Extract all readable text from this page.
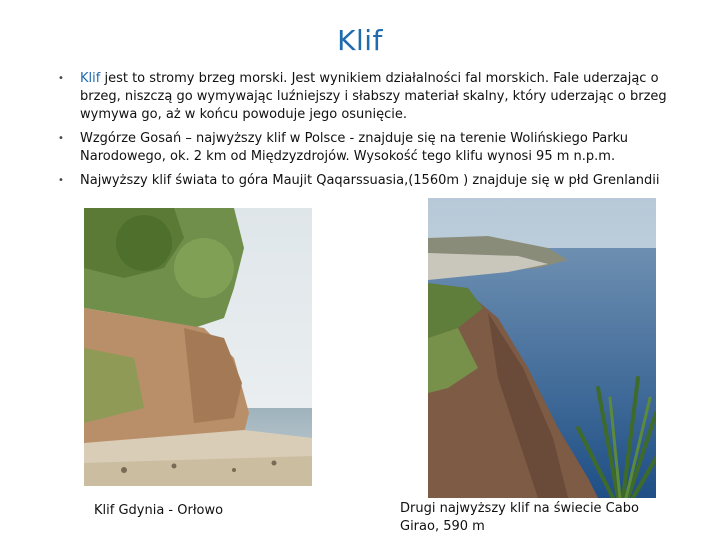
Klif
• Klif jest to stromy brzeg morski. Jest wynikiem działalności fal morskich. Fale uderzając o brzeg, niszczą go wymywając luźniejszy i słabszy materiał skalny, który uderzając o brzeg wymywa go, aż w końcu powoduje jego osunięcie.
• Wzgórze Gosań – najwyższy klif w Polsce - znajduje się na terenie Wolińskiego Parku Narodowego, ok. 2 km od Międzyzdrojów. Wysokość tego klifu wynosi 95 m n.p.m.
• Najwyższy klif świata to góra Maujit Qaqarssuasia,(1560m ) znajduje się w płd Grenlandii
Klif Gdynia - Orłowo	Drugi najwyższy klif na świecie Cabo Girao, 590 m
